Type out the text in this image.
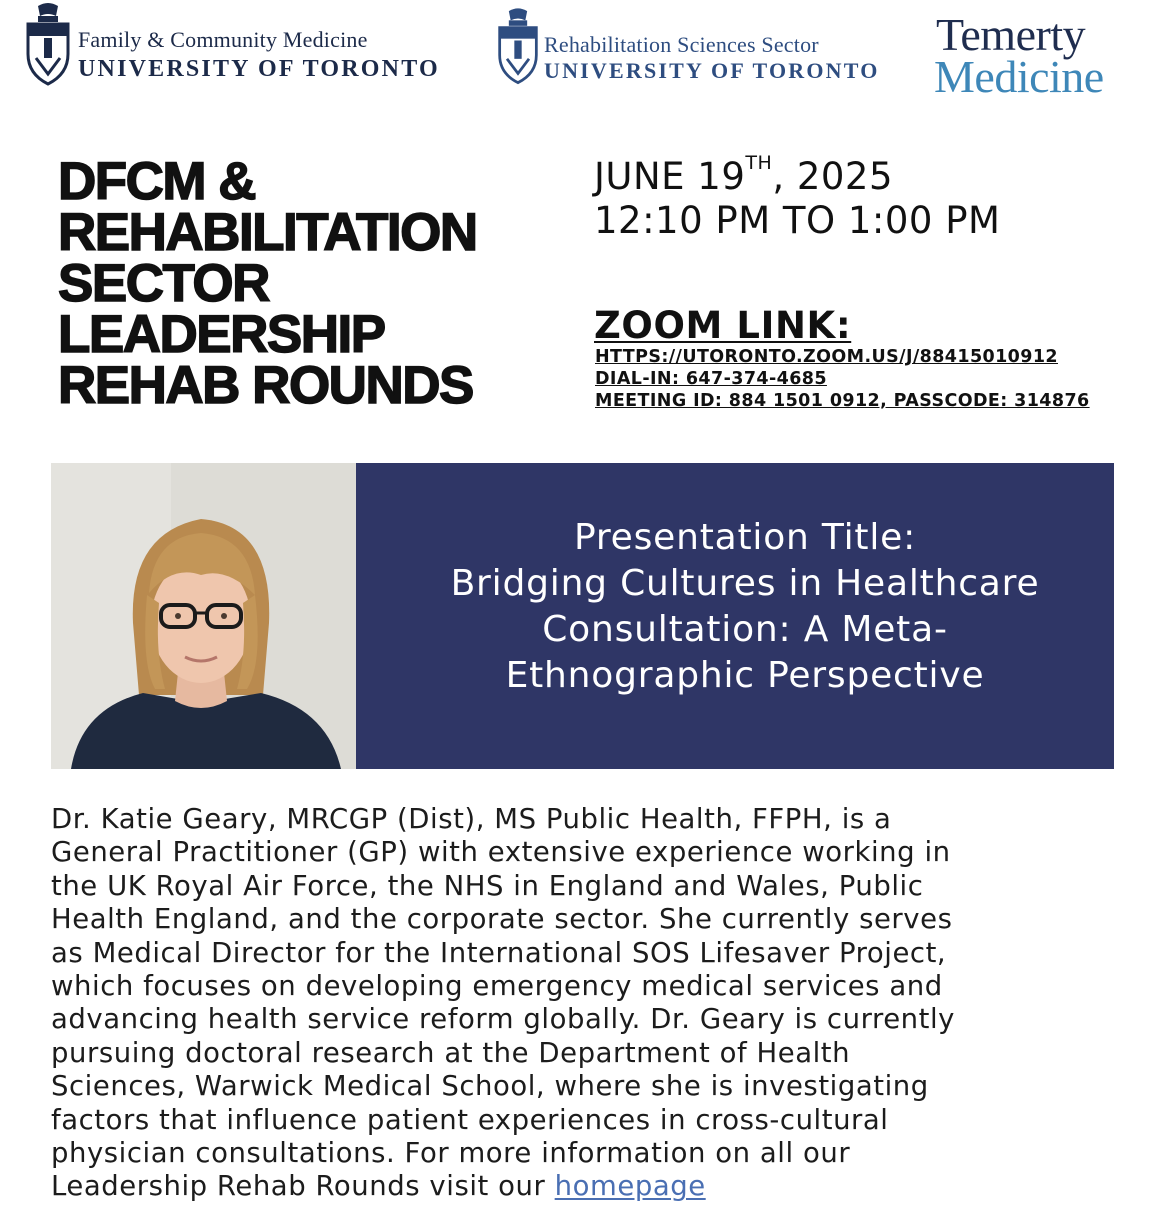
Family & Community Medicine
UNIVERSITY OF TORONTO
Rehabilitation Sciences Sector
UNIVERSITY OF TORONTO
Temerty
Medicine
DFCM &
REHABILITATION
SECTOR
LEADERSHIP
REHAB ROUNDS
JUNE 19TH, 2025
12:10 PM TO 1:00 PM
ZOOM LINK:
HTTPS://UTORONTO.ZOOM.US/J/88415010912
DIAL-IN: 647-374-4685
MEETING ID: 884 1501 0912, PASSCODE: 314876
Presentation Title:
Bridging Cultures in Healthcare
Consultation: A Meta-
Ethnographic Perspective
Dr. Katie Geary, MRCGP (Dist), MS Public Health, FFPH, is a
General Practitioner (GP) with extensive experience working in
the UK Royal Air Force, the NHS in England and Wales, Public
Health England, and the corporate sector. She currently serves
as Medical Director for the International SOS Lifesaver Project,
which focuses on developing emergency medical services and
advancing health service reform globally. Dr. Geary is currently
pursuing doctoral research at the Department of Health
Sciences, Warwick Medical School, where she is investigating
factors that influence patient experiences in cross-cultural
physician consultations. For more information on all our
Leadership Rehab Rounds visit our homepage
